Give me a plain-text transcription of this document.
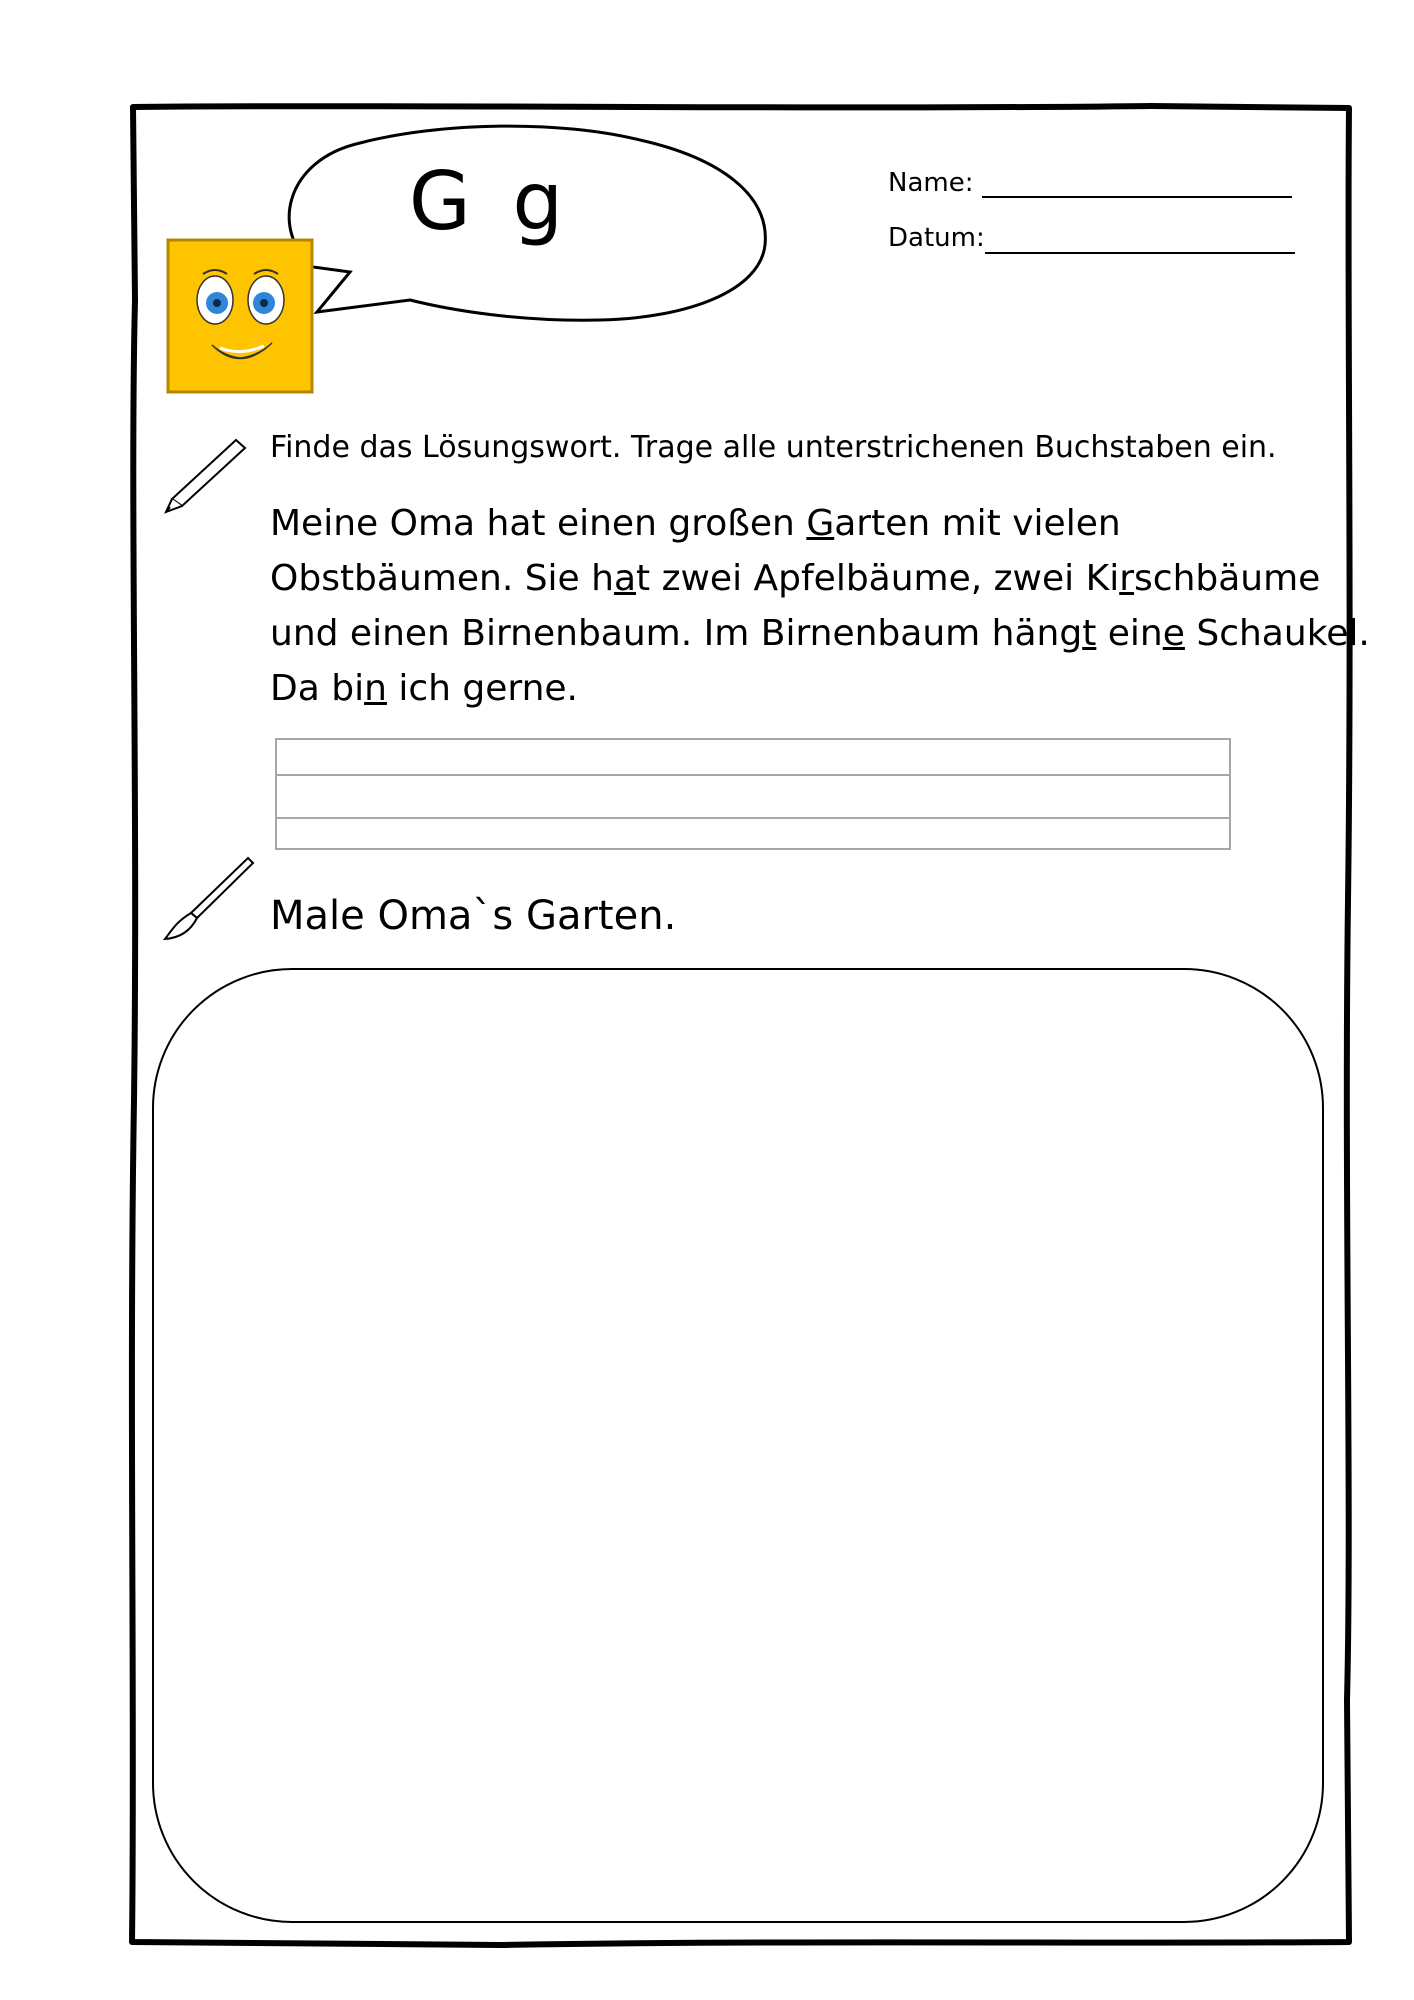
G g	Name:
Datum:
Finde das Lösungswort. Trage alle unterstrichenen Buchstaben ein.

Meine Oma hat einen großen Garten mit vielen

Obstbäumen. Sie hat zwei Apfelbäume, zwei Kirschbäume

und einen Birnenbaum. Im Birnenbaum hängt eine Schaukel.

Da bin ich gerne.

Male Oma`s Garten.
